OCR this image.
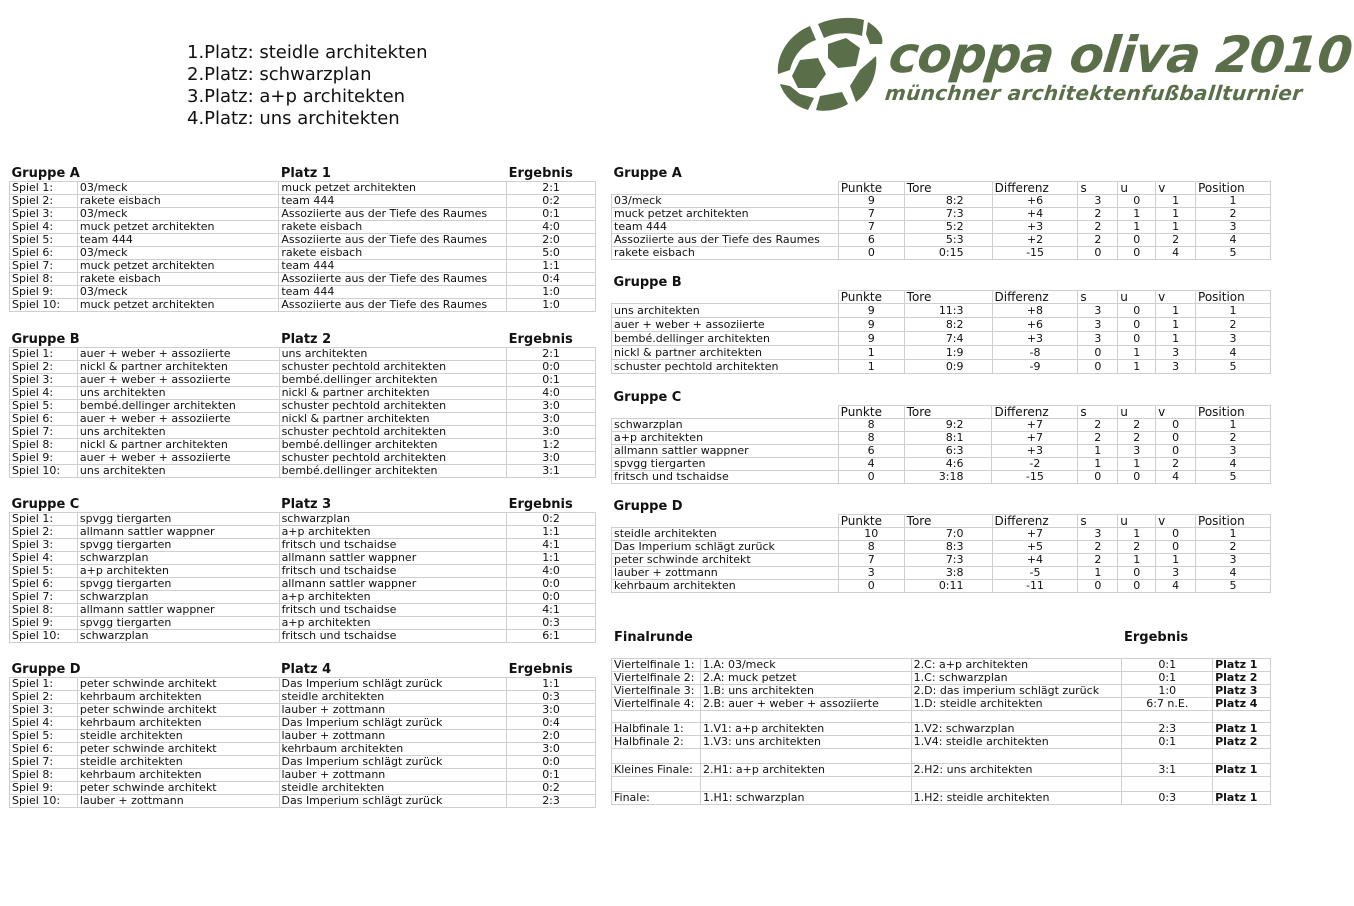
1.Platz: steidle architekten
2.Platz: schwarzplan
3.Platz: a+p architekten
4.Platz: uns architekten
coppa oliva 2010
münchner architektenfußballturnier
Gruppe A		Platz 1	Ergebnis
Spiel 1:	03/meck	muck petzet architekten	2:1
Spiel 2:	rakete eisbach	team 444	0:2
Spiel 3:	03/meck	Assoziierte aus der Tiefe des Raumes	0:1
Spiel 4:	muck petzet architekten	rakete eisbach	4:0
Spiel 5:	team 444	Assoziierte aus der Tiefe des Raumes	2:0
Spiel 6:	03/meck	rakete eisbach	5:0
Spiel 7:	muck petzet architekten	team 444	1:1
Spiel 8:	rakete eisbach	Assoziierte aus der Tiefe des Raumes	0:4
Spiel 9:	03/meck	team 444	1:0
Spiel 10:	muck petzet architekten	Assoziierte aus der Tiefe des Raumes	1:0
Gruppe B		Platz 2	Ergebnis
Spiel 1:	auer + weber + assoziierte	uns architekten	2:1
Spiel 2:	nickl & partner architekten	schuster pechtold architekten	0:0
Spiel 3:	auer + weber + assoziierte	bembé.dellinger architekten	0:1
Spiel 4:	uns architekten	nickl & partner architekten	4:0
Spiel 5:	bembé.dellinger architekten	schuster pechtold architekten	3:0
Spiel 6:	auer + weber + assoziierte	nickl & partner architekten	3:0
Spiel 7:	uns architekten	schuster pechtold architekten	3:0
Spiel 8:	nickl & partner architekten	bembé.dellinger architekten	1:2
Spiel 9:	auer + weber + assoziierte	schuster pechtold architekten	3:0
Spiel 10:	uns architekten	bembé.dellinger architekten	3:1
Gruppe C		Platz 3	Ergebnis
Spiel 1:	spvgg tiergarten	schwarzplan	0:2
Spiel 2:	allmann sattler wappner	a+p architekten	1:1
Spiel 3:	spvgg tiergarten	fritsch und tschaidse	4:1
Spiel 4:	schwarzplan	allmann sattler wappner	1:1
Spiel 5:	a+p architekten	fritsch und tschaidse	4:0
Spiel 6:	spvgg tiergarten	allmann sattler wappner	0:0
Spiel 7:	schwarzplan	a+p architekten	0:0
Spiel 8:	allmann sattler wappner	fritsch und tschaidse	4:1
Spiel 9:	spvgg tiergarten	a+p architekten	0:3
Spiel 10:	schwarzplan	fritsch und tschaidse	6:1
Gruppe D		Platz 4	Ergebnis
Spiel 1:	peter schwinde architekt	Das Imperium schlägt zurück	1:1
Spiel 2:	kehrbaum architekten	steidle architekten	0:3
Spiel 3:	peter schwinde architekt	lauber + zottmann	3:0
Spiel 4:	kehrbaum architekten	Das Imperium schlägt zurück	0:4
Spiel 5:	steidle architekten	lauber + zottmann	2:0
Spiel 6:	peter schwinde architekt	kehrbaum architekten	3:0
Spiel 7:	steidle architekten	Das Imperium schlägt zurück	0:0
Spiel 8:	kehrbaum architekten	lauber + zottmann	0:1
Spiel 9:	peter schwinde architekt	steidle architekten	0:2
Spiel 10:	lauber + zottmann	Das Imperium schlägt zurück	2:3
Gruppe A							
	Punkte	Tore	Differenz	s	u	v	Position
03/meck	9	8:2	+6	3	0	1	1
muck petzet architekten	7	7:3	+4	2	1	1	2
team 444	7	5:2	+3	2	1	1	3
Assoziierte aus der Tiefe des Raumes	6	5:3	+2	2	0	2	4
rakete eisbach	0	0:15	-15	0	0	4	5
Gruppe B							
	Punkte	Tore	Differenz	s	u	v	Position
uns architekten	9	11:3	+8	3	0	1	1
auer + weber + assoziierte	9	8:2	+6	3	0	1	2
bembé.dellinger architekten	9	7:4	+3	3	0	1	3
nickl & partner architekten	1	1:9	-8	0	1	3	4
schuster pechtold architekten	1	0:9	-9	0	1	3	5
Gruppe C							
	Punkte	Tore	Differenz	s	u	v	Position
schwarzplan	8	9:2	+7	2	2	0	1
a+p architekten	8	8:1	+7	2	2	0	2
allmann sattler wappner	6	6:3	+3	1	3	0	3
spvgg tiergarten	4	4:6	-2	1	1	2	4
fritsch und tschaidse	0	3:18	-15	0	0	4	5
Gruppe D							
	Punkte	Tore	Differenz	s	u	v	Position
steidle architekten	10	7:0	+7	3	1	0	1
Das Imperium schlägt zurück	8	8:3	+5	2	2	0	2
peter schwinde architekt	7	7:3	+4	2	1	1	3
lauber + zottmann	3	3:8	-5	1	0	3	4
kehrbaum architekten	0	0:11	-11	0	0	4	5
Finalrunde	Ergebnis
Viertelfinale 1:	1.A: 03/meck	2.C: a+p architekten	0:1	Platz 1
Viertelfinale 2:	2.A: muck petzet	1.C: schwarzplan	0:1	Platz 2
Viertelfinale 3:	1.B: uns architekten	2.D: das imperium schlägt zurück	1:0	Platz 3
Viertelfinale 4:	2.B: auer + weber + assoziierte	1.D: steidle architekten	6:7 n.E.	Platz 4

Halbfinale 1:	1.V1: a+p architekten	1.V2: schwarzplan	2:3	Platz 1
Halbfinale 2:	1.V3: uns architekten	1.V4: steidle architekten	0:1	Platz 2

Kleines Finale:	2.H1: a+p architekten	2.H2: uns architekten	3:1	Platz 1

Finale:	1.H1: schwarzplan	1.H2: steidle architekten	0:3	Platz 1
